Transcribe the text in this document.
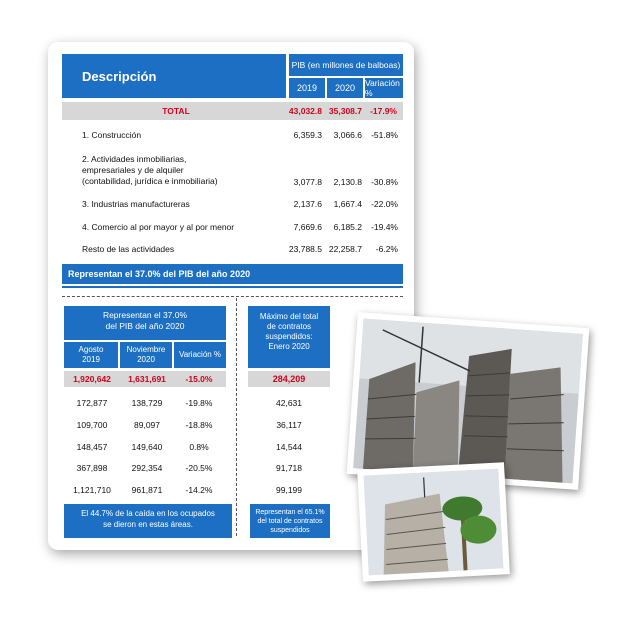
Descripción
PIB (en millones de balboas)
2019	2020	Variación %
TOTAL	43,032.8 35,308.7 -17.9%
1. Construcción	6,359.3	3,066.6	-51.8%
2. Actividades inmobiliarias,
empresariales y de alquiler
(contabilidad, jurídica e inmobiliaria)	3,077.8	2,130.8	-30.8%
3. Industrias manufactureras	2,137.6	1,667.4	-22.0%
4. Comercio al por mayor y al por menor	7,669.6	6,185.2	-19.4%
Resto de las actividades	23,788.5 22,258.7	-6.2%
Representan el 37.0% del PIB del año 2020
Representan el 37.0%
del PIB del año 2020
Agosto
2019
Noviembre
2020
Variación %
1,920,642	1,631,691	-15.0%
172,877	138,729	-19.8%
109,700	89,097	-18.8%
148,457	149,640	0.8%
367,898	292,354	-20.5%
1,121,710	961,871	-14.2%
El 44.7% de la caída en los ocupados
se dieron en estas áreas.
Máximo del total
de contratos
suspendidos:
Enero 2020
284,209
42,631
36,117
14,544
91,718
99,199
Representan el 65.1%
del total de contratos
suspendidos
